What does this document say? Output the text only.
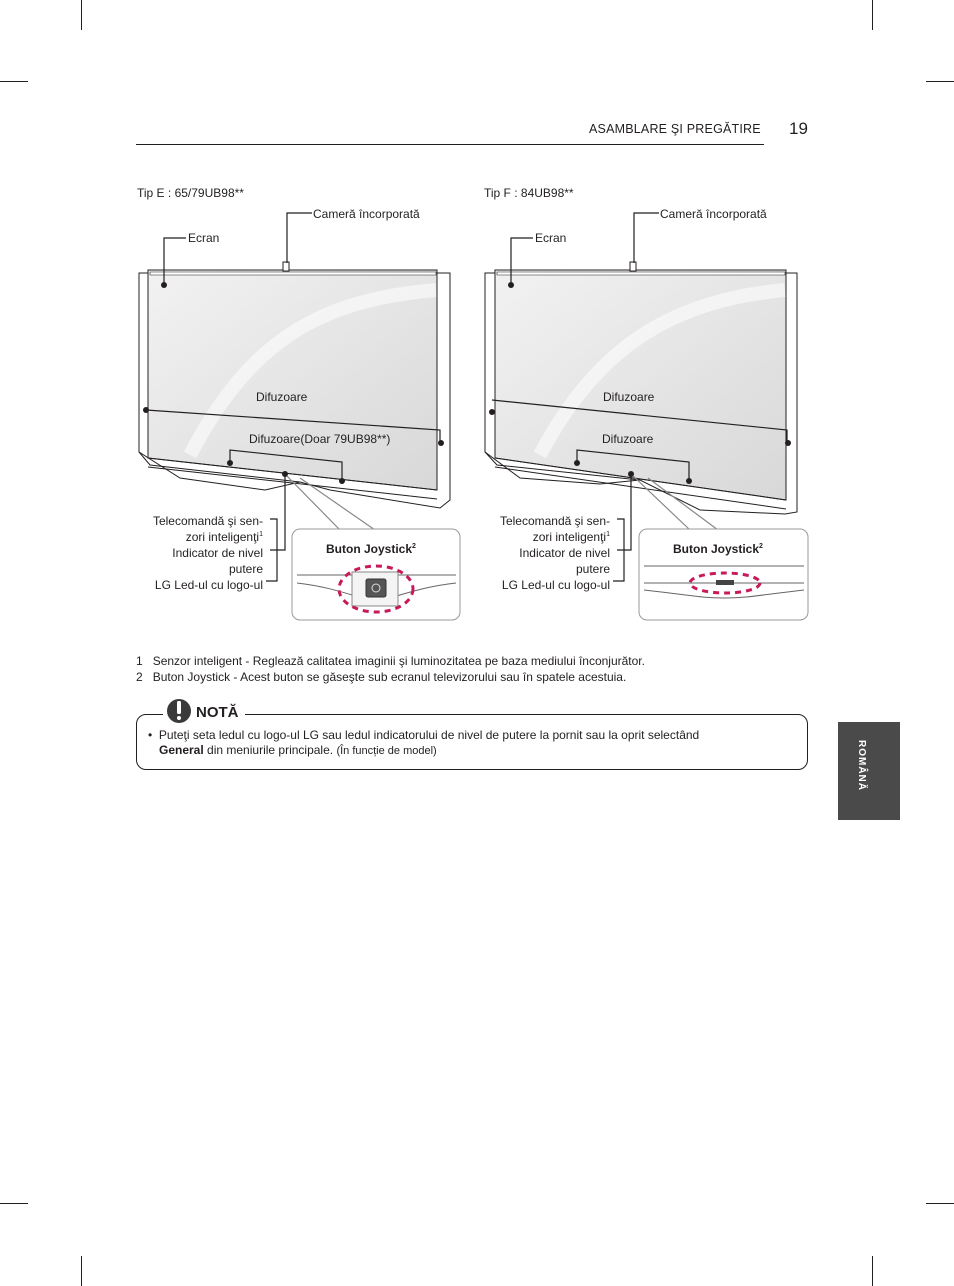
ASAMBLARE ŞI PREGĂTIRE 19
Tip E : 65/79UB98**
Cameră încorporată
Ecran
Difuzoare
Difuzoare(Doar 79UB98**)
Telecomandă şi sen-
zori inteligenţi$^1$
Indicator de nivel
putere
LG Led-ul cu logo-ul
Buton Joystick$^2$
Tip F : 84UB98**
Cameră încorporată
Ecran
Difuzoare
Difuzoare
Telecomandă şi sen-
zori inteligenţi$^1$
Indicator de nivel
putere
LG Led-ul cu logo-ul
Buton Joystick$^2$
1 Senzor inteligent - Reglează calitatea imaginii şi luminozitatea pe baza mediului înconjurător.
2 Buton Joystick - Acest buton se găseşte sub ecranul televizorului sau în spatele acestuia.
NOTĂ
• Puteţi seta ledul cu logo-ul LG sau ledul indicatorului de nivel de putere la pornit sau la oprit selectând
General din meniurile principale. (În funcție de model)	ROMÂNĂ
